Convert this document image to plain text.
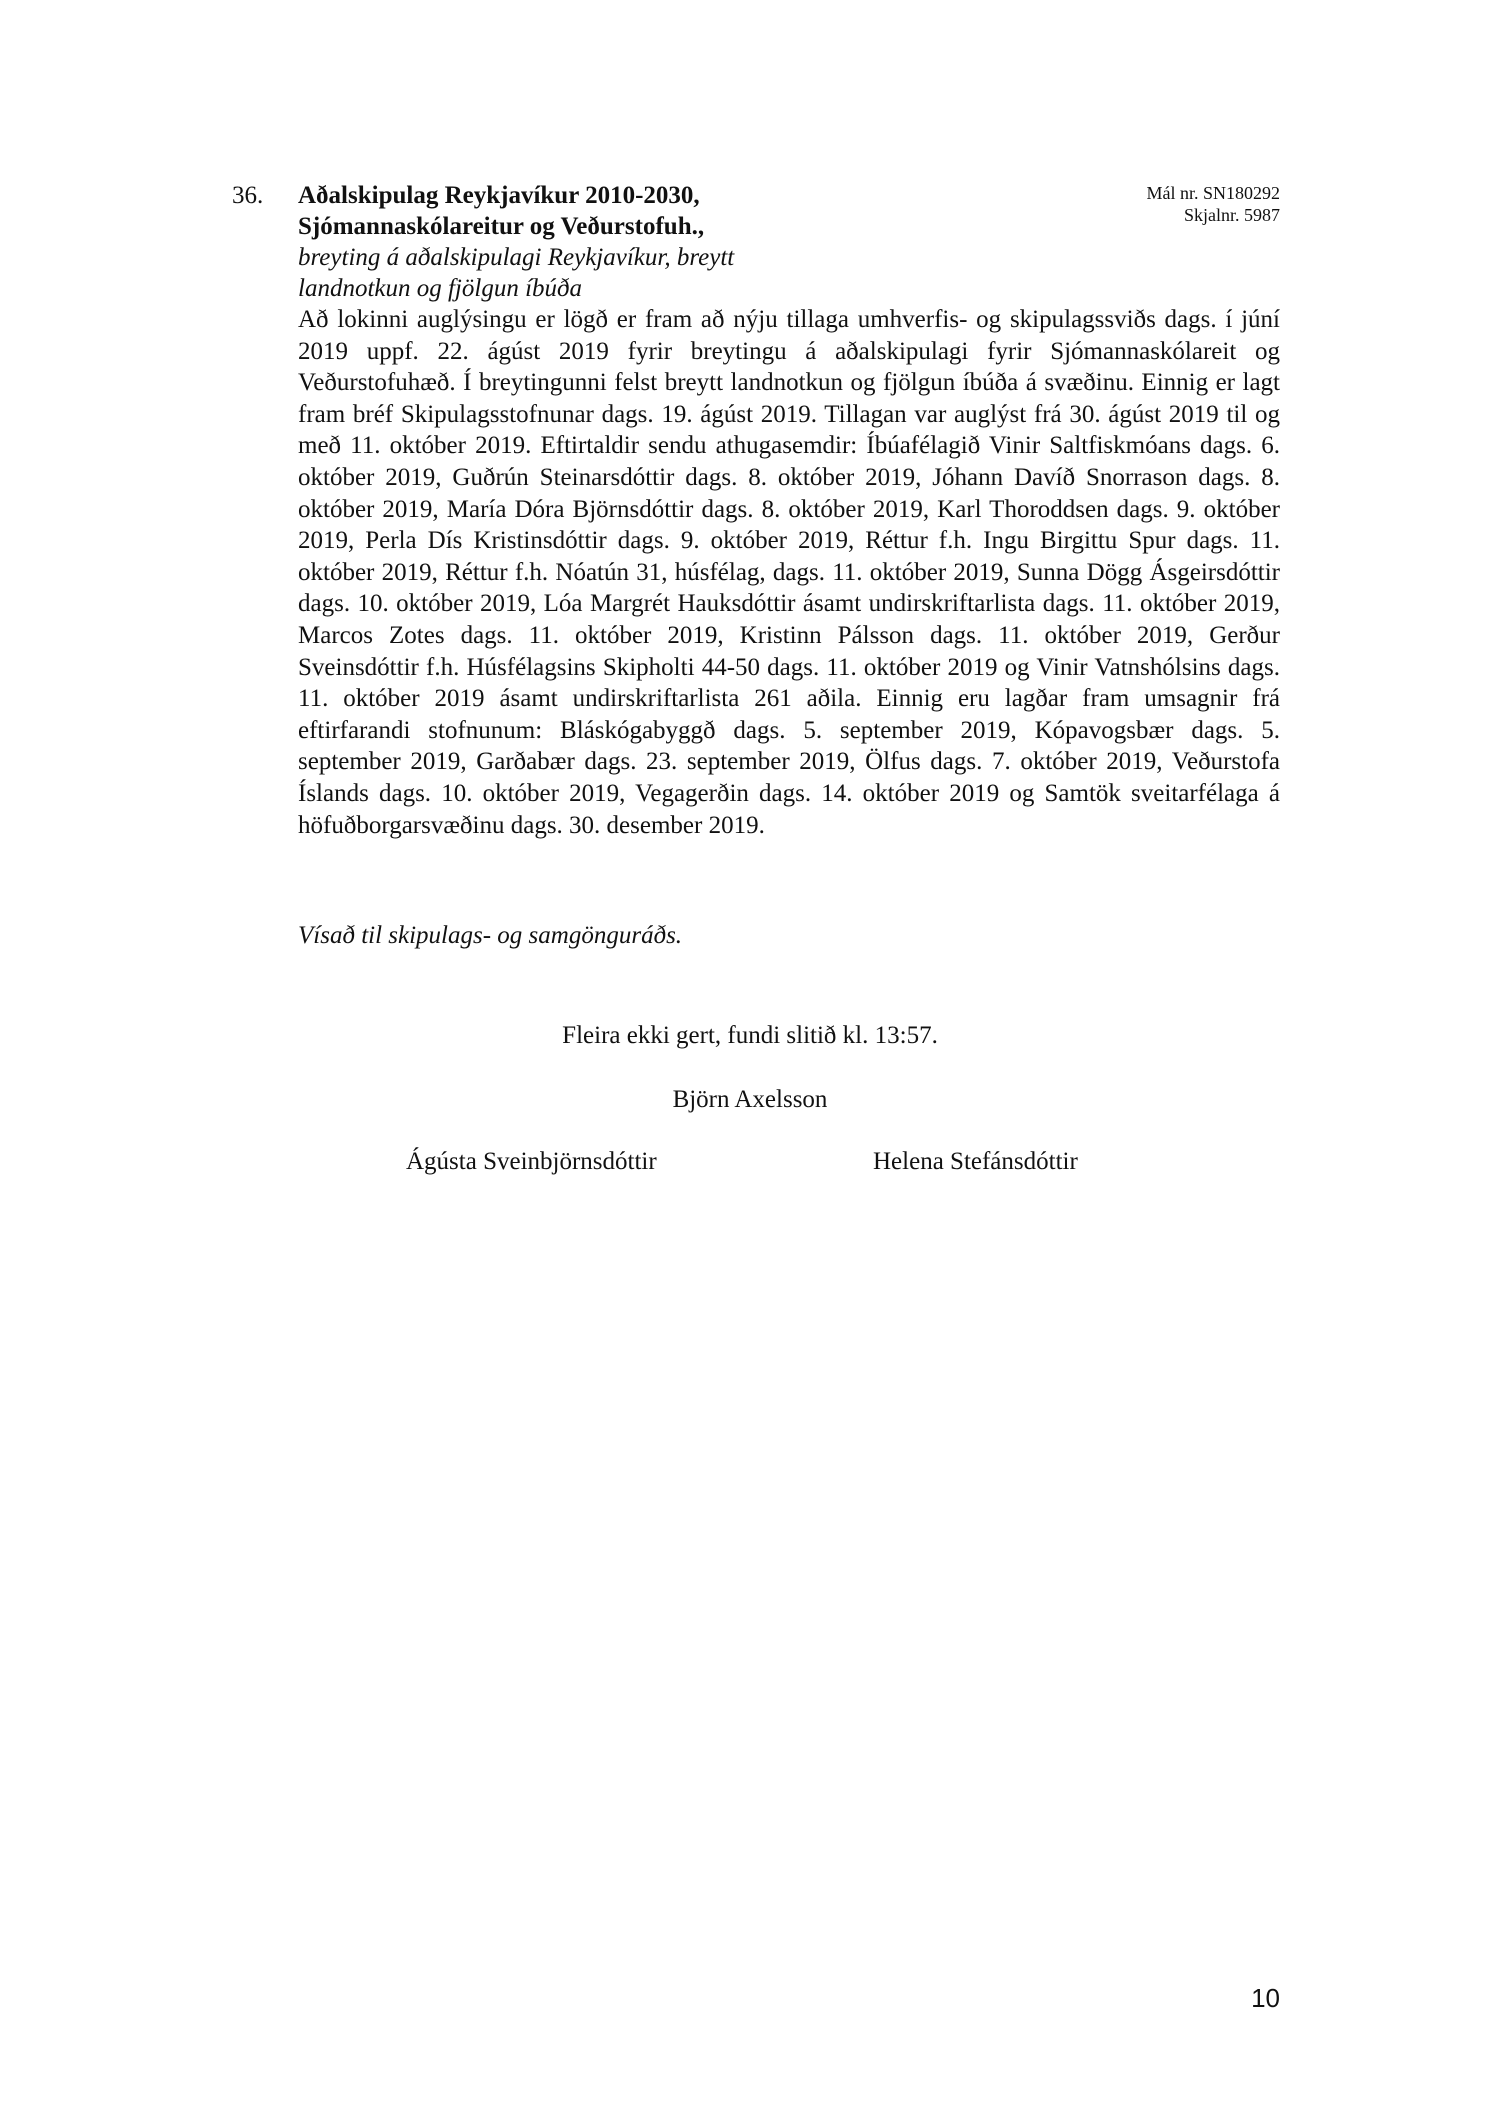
36. Aðalskipulag Reykjavíkur 2010-2030,
Sjómannaskólareitur og Veðurstofuh.,
breyting á aðalskipulagi Reykjavíkur, breytt
landnotkun og fjölgun íbúða
Mál nr. SN180292
Skjalnr. 5987

Að lokinni auglýsingu er lögð er fram að nýju tillaga umhverfis- og skipulagssviðs dags. í júní 2019 uppf. 22. ágúst 2019 fyrir breytingu á aðalskipulagi fyrir Sjómannaskólareit og Veðurstofuhæð. Í breytingunni felst breytt landnotkun og fjölgun íbúða á svæðinu. Einnig er lagt fram bréf Skipulagsstofnunar dags. 19. ágúst 2019. Tillagan var auglýst frá 30. ágúst 2019 til og með 11. október 2019. Eftirtaldir sendu athugasemdir: Íbúafélagið Vinir Saltfiskmóans dags. 6. október 2019, Guðrún Steinarsdóttir dags. 8. október 2019, Jóhann Davíð Snorrason dags. 8. október 2019, María Dóra Björnsdóttir dags. 8. október 2019, Karl Thoroddsen dags. 9. október 2019, Perla Dís Kristinsdóttir dags. 9. október 2019, Réttur f.h. Ingu Birgittu Spur dags. 11. október 2019, Réttur f.h. Nóatún 31, húsfélag, dags. 11. október 2019, Sunna Dögg Ásgeirsdóttir dags. 10. október 2019, Lóa Margrét Hauksdóttir ásamt undirskriftarlista dags. 11. október 2019, Marcos Zotes dags. 11. október 2019, Kristinn Pálsson dags. 11. október 2019, Gerður Sveinsdóttir f.h. Húsfélagsins Skipholti 44-50 dags. 11. október 2019 og Vinir Vatnshólsins dags. 11. október 2019 ásamt undirskriftarlista 261 aðila. Einnig eru lagðar fram umsagnir frá eftirfarandi stofnunum: Bláskógabyggð dags. 5. september 2019, Kópavogsbær dags. 5. september 2019, Garðabær dags. 23. september 2019, Ölfus dags. 7. október 2019, Veðurstofa Íslands dags. 10. október 2019, Vegagerðin dags. 14. október 2019 og Samtök sveitarfélaga á höfuðborgarsvæðinu dags. 30. desember 2019.

Vísað til skipulags- og samgönguráðs.
Fleira ekki gert, fundi slitið kl. 13:57.
Björn Axelsson
Ágústa Sveinbjörnsdóttir	Helena Stefánsdóttir
10
